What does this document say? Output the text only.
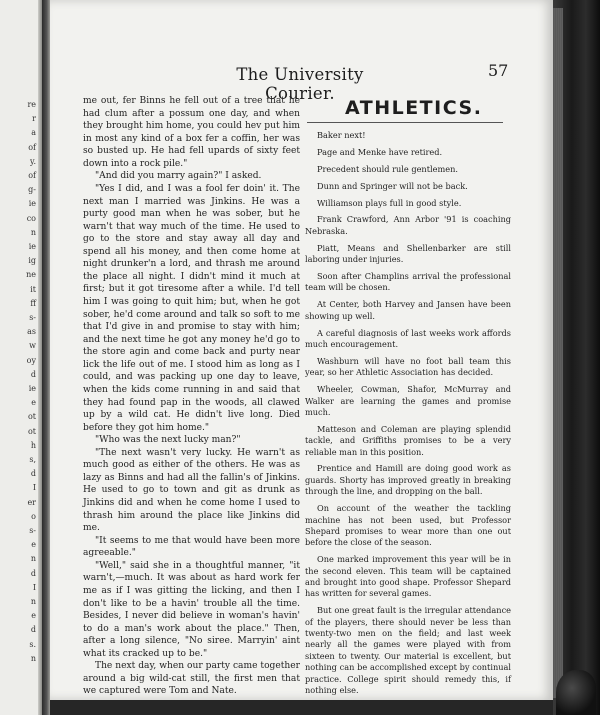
re
r
a
of
y.
of
g-
ie
co
n
ie
ig
ne
it
ff
s-
as
w
oy
d
ie
e
ot
ot
h
s,
d
I
er
o
s-
e
n
d
I
n
e
d
s.
n
The University Courier.
57

me out, fer Binns he fell out of a tree that he had clum after a possum one day, and when they brought him home, you could hev put him in most any kind of a box fer a coffin, her was so busted up. He had fell upards of sixty feet down into a rock pile."

"And did you marry again?" I asked.

"Yes I did, and I was a fool fer doin' it. The next man I married was Jinkins. He was a purty good man when he was sober, but he warn't that way much of the time. He used to go to the store and stay away all day and spend all his money, and then come home at night drunker'n a lord, and thrash me around the place all night. I didn't mind it much at first; but it got tiresome after a while. I'd tell him I was going to quit him; but, when he got sober, he'd come around and talk so soft to me that I'd give in and promise to stay with him; and the next time he got any money he'd go to the store agin and come back and purty near lick the life out of me. I stood him as long as I could, and was packing up one day to leave, when the kids come running in and said that they had found pap in the woods, all clawed up by a wild cat. He didn't live long. Died before they got him home."

"Who was the next lucky man?"

"The next wasn't very lucky. He warn't as much good as either of the others. He was as lazy as Binns and had all the fallin's of Jinkins. He used to go to town and git as drunk as Jinkins did and when he come home I used to thrash him around the place like Jinkins did me.

"It seems to me that would have been more agreeable."

"Well," said she in a thoughtful manner, "it warn't,—much. It was about as hard work fer me as if I was gitting the licking, and then I don't like to be a havin' trouble all the time. Besides, I never did believe in woman's havin' to do a man's work about the place." Then, after a long silence, "No siree. Marryin' aint what its cracked up to be."

The next day, when our party came together around a big wild-cat still, the first men that we captured were Tom and Nate.

ATHLETICS.

Baker next!

Page and Menke have retired.

Precedent should rule gentlemen.

Dunn and Springer will not be back.

Williamson plays full in good style.

Frank Crawford, Ann Arbor '91 is coaching Nebraska.

Piatt, Means and Shellenbarker are still laboring under injuries.

Soon after Champlins arrival the professional team will be chosen.

At Center, both Harvey and Jansen have been showing up well.

A careful diagnosis of last weeks work affords much encouragement.

Washburn will have no foot ball team this year, so her Athletic Association has decided.

Wheeler, Cowman, Shafor, McMurray and Walker are learning the games and promise much.

Matteson and Coleman are playing splendid tackle, and Griffiths promises to be a very reliable man in this position.

Prentice and Hamill are doing good work as guards. Shorty has improved greatly in breaking through the line, and dropping on the ball.

On account of the weather the tackling machine has not been used, but Professor Shepard promises to wear more than one out before the close of the season.

One marked improvement this year will be in the second eleven. This team will be captained and brought into good shape. Professor Shepard has written for several games.

But one great fault is the irregular attendance of the players, there should never be less than twenty-two men on the field; and last week nearly all the games were played with from sixteen to twenty. Our material is excellent, but nothing can be accomplished except by continual practice. College spirit should remedy this, if nothing else.
